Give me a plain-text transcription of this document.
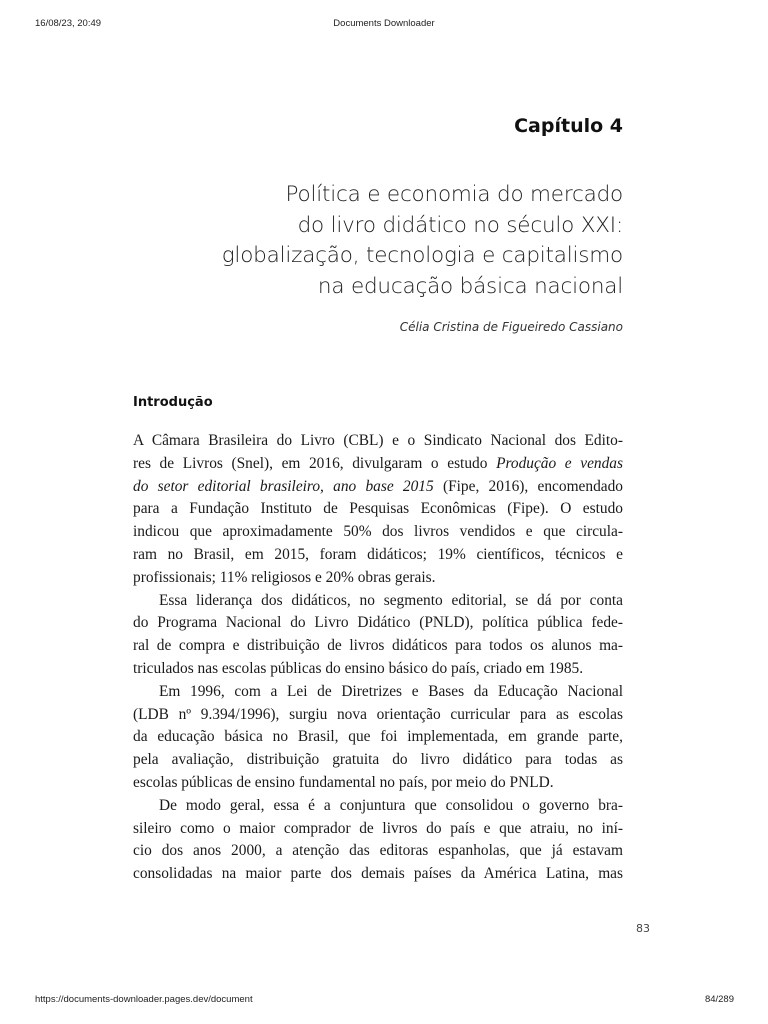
16/08/23, 20:49	Documents Downloader
Capítulo 4
Política e economia do mercado
do livro didático no século XXI:
globalização, tecnologia e capitalismo
na educação básica nacional
Célia Cristina de Figueiredo Cassiano
Introdução
A Câmara Brasileira do Livro (CBL) e o Sindicato Nacional dos Edito-
res de Livros (Snel), em 2016, divulgaram o estudo Produção e vendas
do setor editorial brasileiro, ano base 2015 (Fipe, 2016), encomendado
para a Fundação Instituto de Pesquisas Econômicas (Fipe). O estudo
indicou que aproximadamente 50% dos livros vendidos e que circula-
ram no Brasil, em 2015, foram didáticos; 19% científicos, técnicos e
profissionais; 11% religiosos e 20% obras gerais.
Essa liderança dos didáticos, no segmento editorial, se dá por conta
do Programa Nacional do Livro Didático (PNLD), política pública fede-
ral de compra e distribuição de livros didáticos para todos os alunos ma-
triculados nas escolas públicas do ensino básico do país, criado em 1985.
Em 1996, com a Lei de Diretrizes e Bases da Educação Nacional
(LDB nº 9.394/1996), surgiu nova orientação curricular para as escolas
da educação básica no Brasil, que foi implementada, em grande parte,
pela avaliação, distribuição gratuita do livro didático para todas as
escolas públicas de ensino fundamental no país, por meio do PNLD.
De modo geral, essa é a conjuntura que consolidou o governo bra-
sileiro como o maior comprador de livros do país e que atraiu, no iní-
cio dos anos 2000, a atenção das editoras espanholas, que já estavam
consolidadas na maior parte dos demais países da América Latina, mas
83
https://documents-downloader.pages.dev/document	84/289
